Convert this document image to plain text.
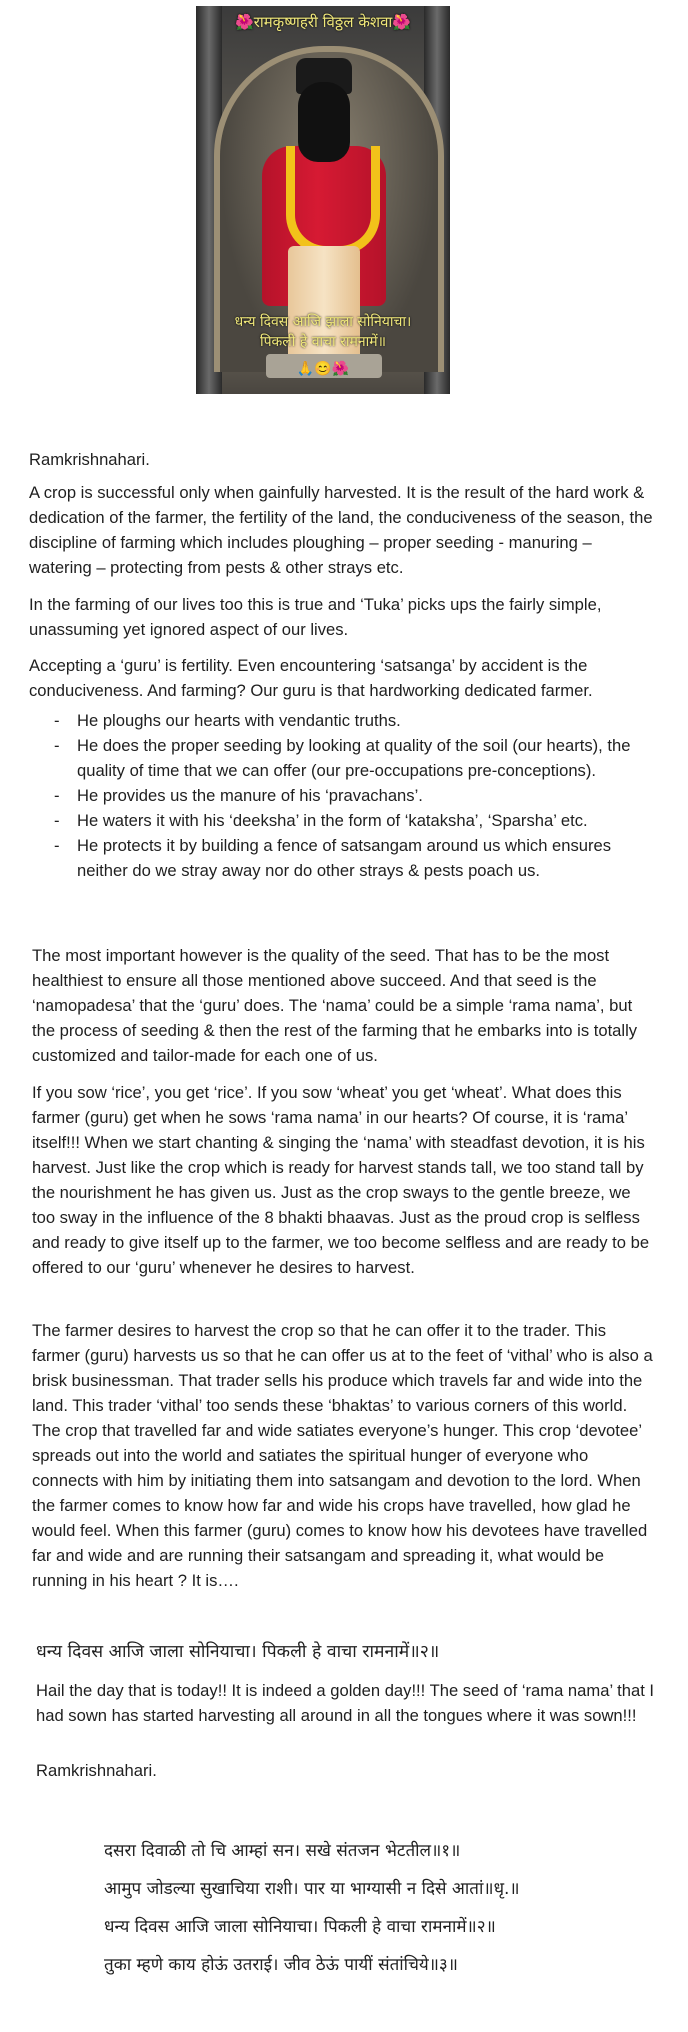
🌺रामकृष्णहरी विठ्ठल केशवा🌺
धन्य दिवस आजि झाला सोनियाचा।
पिकली हे वाचा रामनामें॥
🙏😊🌺

Ramkrishnahari.

A crop is successful only when gainfully harvested. It is the result of the hard work & dedication of the farmer, the fertility of the land, the conduciveness of the season, the discipline of farming which includes ploughing – proper seeding - manuring – watering – protecting from pests & other strays etc.

In the farming of our lives too this is true and ‘Tuka’ picks ups the fairly simple, unassuming yet ignored aspect of our lives.

Accepting a ‘guru’ is fertility. Even encountering ‘satsanga’ by accident is the conduciveness. And farming? Our guru is that hardworking dedicated farmer.

- He ploughs our hearts with vendantic truths.
- He does the proper seeding by looking at quality of the soil (our hearts), the quality of time that we can offer (our pre-occupations pre-conceptions).
- He provides us the manure of his ‘pravachans’.
- He waters it with his ‘deeksha’ in the form of ‘kataksha’, ‘Sparsha’ etc.
- He protects it by building a fence of satsangam around us which ensures neither do we stray away nor do other strays & pests poach us.

The most important however is the quality of the seed. That has to be the most healthiest to ensure all those mentioned above succeed. And that seed is the ‘namopadesa’ that the ‘guru’ does. The ‘nama’ could be a simple ‘rama nama’, but the process of seeding & then the rest of the farming that he embarks into is totally customized and tailor-made for each one of us.

If you sow ‘rice’, you get ‘rice’. If you sow ‘wheat’ you get ‘wheat’. What does this farmer (guru) get when he sows ‘rama nama’ in our hearts? Of course, it is ‘rama’ itself!!! When we start chanting & singing the ‘nama’ with steadfast devotion, it is his harvest. Just like the crop which is ready for harvest stands tall, we too stand tall by the nourishment he has given us. Just as the crop sways to the gentle breeze, we too sway in the influence of the 8 bhakti bhaavas. Just as the proud crop is selfless and ready to give itself up to the farmer, we too become selfless and are ready to be offered to our ‘guru’ whenever he desires to harvest.

The farmer desires to harvest the crop so that he can offer it to the trader. This farmer (guru) harvests us so that he can offer us at to the feet of ‘vithal’ who is also a brisk businessman. That trader sells his produce which travels far and wide into the land. This trader ‘vithal’ too sends these ‘bhaktas’ to various corners of this world. The crop that travelled far and wide satiates everyone’s hunger. This crop ‘devotee’ spreads out into the world and satiates the spiritual hunger of everyone who connects with him by initiating them into satsangam and devotion to the lord. When the farmer comes to know how far and wide his crops have travelled, how glad he would feel. When this farmer (guru) comes to know how his devotees have travelled far and wide and are running their satsangam and spreading it, what would be running in his heart ? It is….

धन्य दिवस आजि जाला सोनियाचा। पिकली हे वाचा रामनामें॥२॥

Hail the day that is today!! It is indeed a golden day!!! The seed of ‘rama nama’ that I had sown has started harvesting all around in all the tongues where it was sown!!!

Ramkrishnahari.

दसरा दिवाळी तो चि आम्हां सन। सखे संतजन भेटतील॥१॥
आमुप जोडल्या सुखाचिया राशी। पार या भाग्यासी न दिसे आतां॥धृ.॥
धन्य दिवस आजि जाला सोनियाचा। पिकली हे वाचा रामनामें॥२॥
तुका म्हणे काय होऊं उतराई। जीव ठेऊं पायीं संतांचिये॥३॥
